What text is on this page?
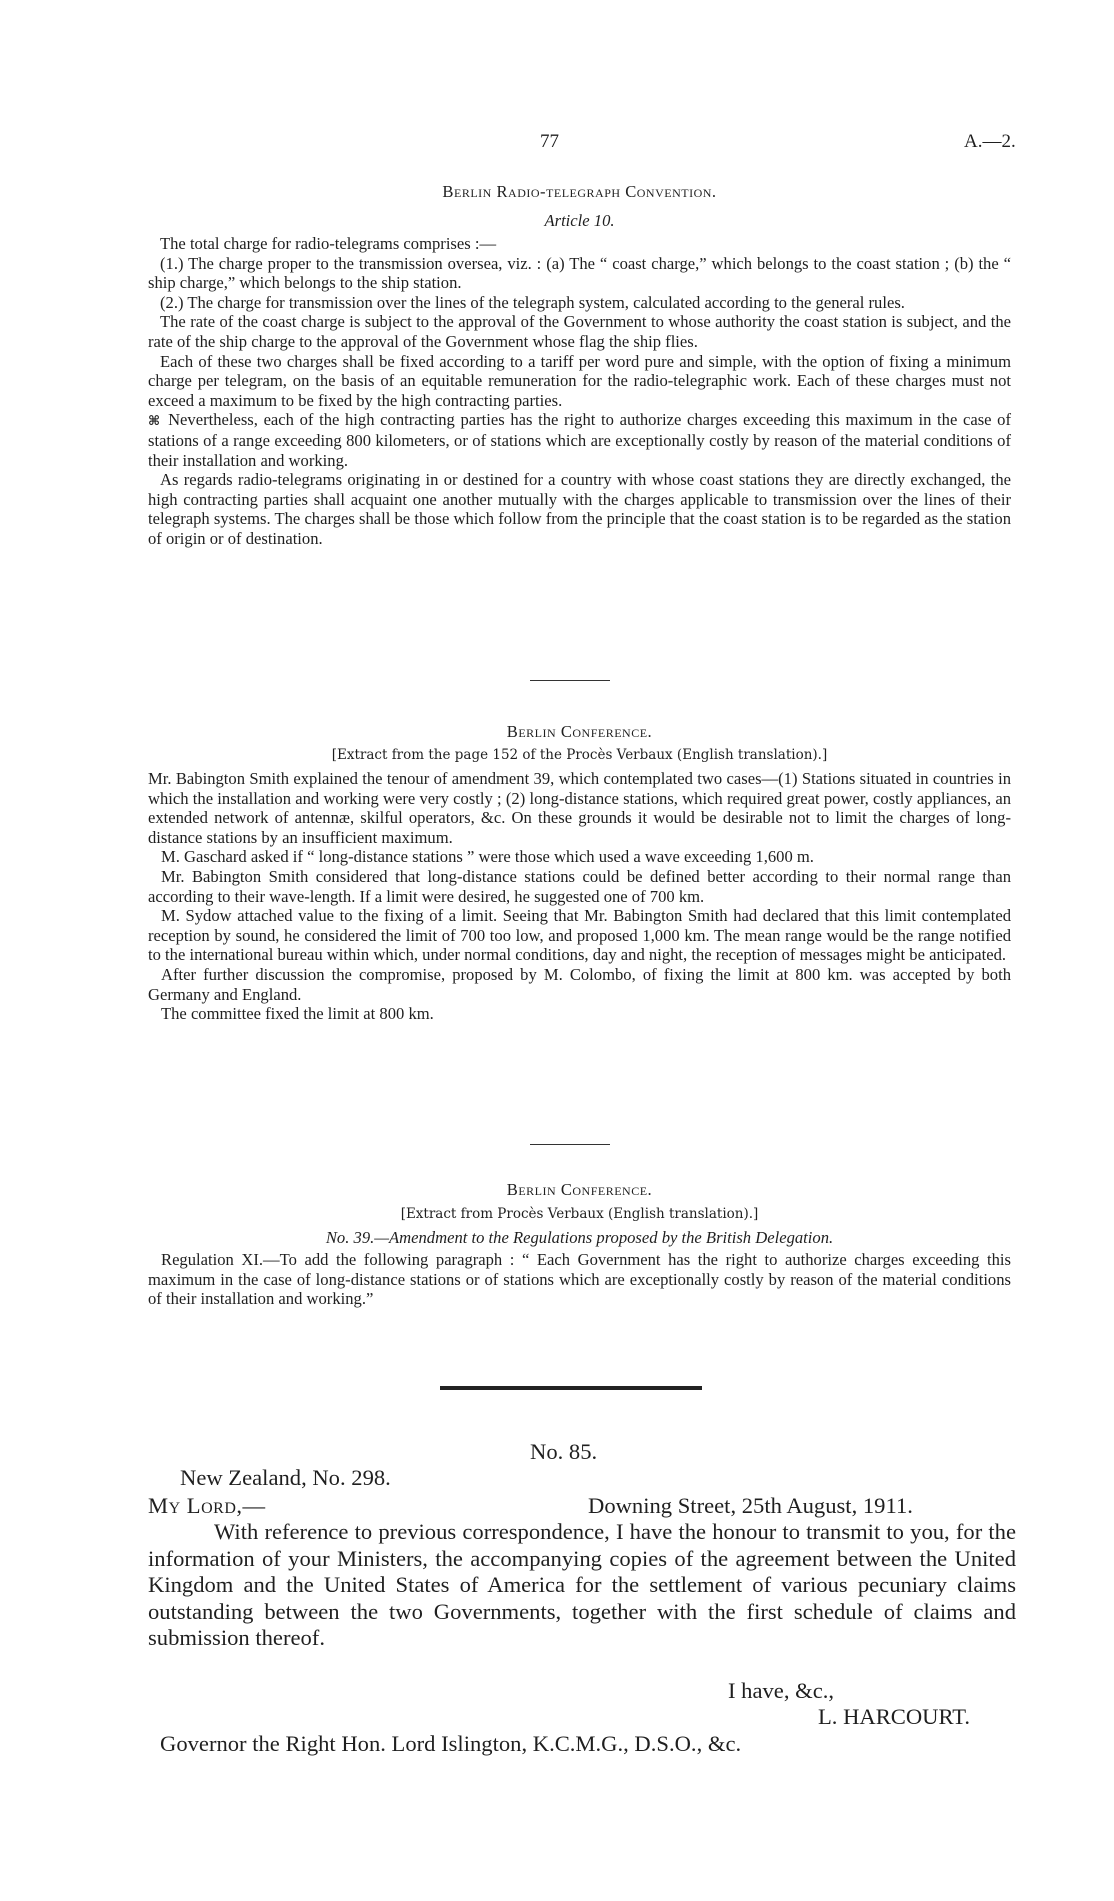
77	A.—2.
Berlin Radio-telegraph Convention.
Article 10.

The total charge for radio-telegrams comprises :—

(1.) The charge proper to the transmission oversea, viz. : (a) The “ coast charge,” which belongs to the coast station ; (b) the “ ship charge,” which belongs to the ship station.

(2.) The charge for transmission over the lines of the telegraph system, calculated according to the general rules.

The rate of the coast charge is subject to the approval of the Government to whose authority the coast station is subject, and the rate of the ship charge to the approval of the Government whose flag the ship flies.

Each of these two charges shall be fixed according to a tariff per word pure and simple, with the option of fixing a minimum charge per telegram, on the basis of an equitable remuneration for the radio-telegraphic work. Each of these charges must not exceed a maximum to be fixed by the high contracting parties.

⌘ Nevertheless, each of the high contracting parties has the right to authorize charges exceeding this maximum in the case of stations of a range exceeding 800 kilometers, or of stations which are exceptionally costly by reason of the material conditions of their installation and working.

As regards radio-telegrams originating in or destined for a country with whose coast stations they are directly exchanged, the high contracting parties shall acquaint one another mutually with the charges applicable to transmission over the lines of their telegraph systems. The charges shall be those which follow from the principle that the coast station is to be regarded as the station of origin or of destination.

Berlin Conference.
[Extract from the page 152 of the Procès Verbaux (English translation).]

Mr. Babington Smith explained the tenour of amendment 39, which contemplated two cases—(1) Stations situated in countries in which the installation and working were very costly ; (2) long-distance stations, which required great power, costly appliances, an extended network of antennæ, skilful operators, &c. On these grounds it would be desirable not to limit the charges of long-distance stations by an insufficient maximum.

M. Gaschard asked if “ long-distance stations ” were those which used a wave exceeding 1,600 m.

Mr. Babington Smith considered that long-distance stations could be defined better according to their normal range than according to their wave-length. If a limit were desired, he suggested one of 700 km.

M. Sydow attached value to the fixing of a limit. Seeing that Mr. Babington Smith had declared that this limit contemplated reception by sound, he considered the limit of 700 too low, and proposed 1,000 km. The mean range would be the range notified to the international bureau within which, under normal conditions, day and night, the reception of messages might be anticipated.

After further discussion the compromise, proposed by M. Colombo, of fixing the limit at 800 km. was accepted by both Germany and England.

The committee fixed the limit at 800 km.

Berlin Conference.
[Extract from Procès Verbaux (English translation).]
No. 39.—Amendment to the Regulations proposed by the British Delegation.

Regulation XI.—To add the following paragraph : “ Each Government has the right to authorize charges exceeding this maximum in the case of long-distance stations or of stations which are exceptionally costly by reason of the material conditions of their installation and working.”

No. 85.
New Zealand, No. 298.
My Lord,—	Downing Street, 25th August, 1911.

With reference to previous correspondence, I have the honour to transmit to you, for the information of your Ministers, the accompanying copies of the agreement between the United Kingdom and the United States of America for the settlement of various pecuniary claims outstanding between the two Governments, together with the first schedule of claims and submission thereof.

I have, &c.,
L. HARCOURT.
Governor the Right Hon. Lord Islington, K.C.M.G., D.S.O., &c.
